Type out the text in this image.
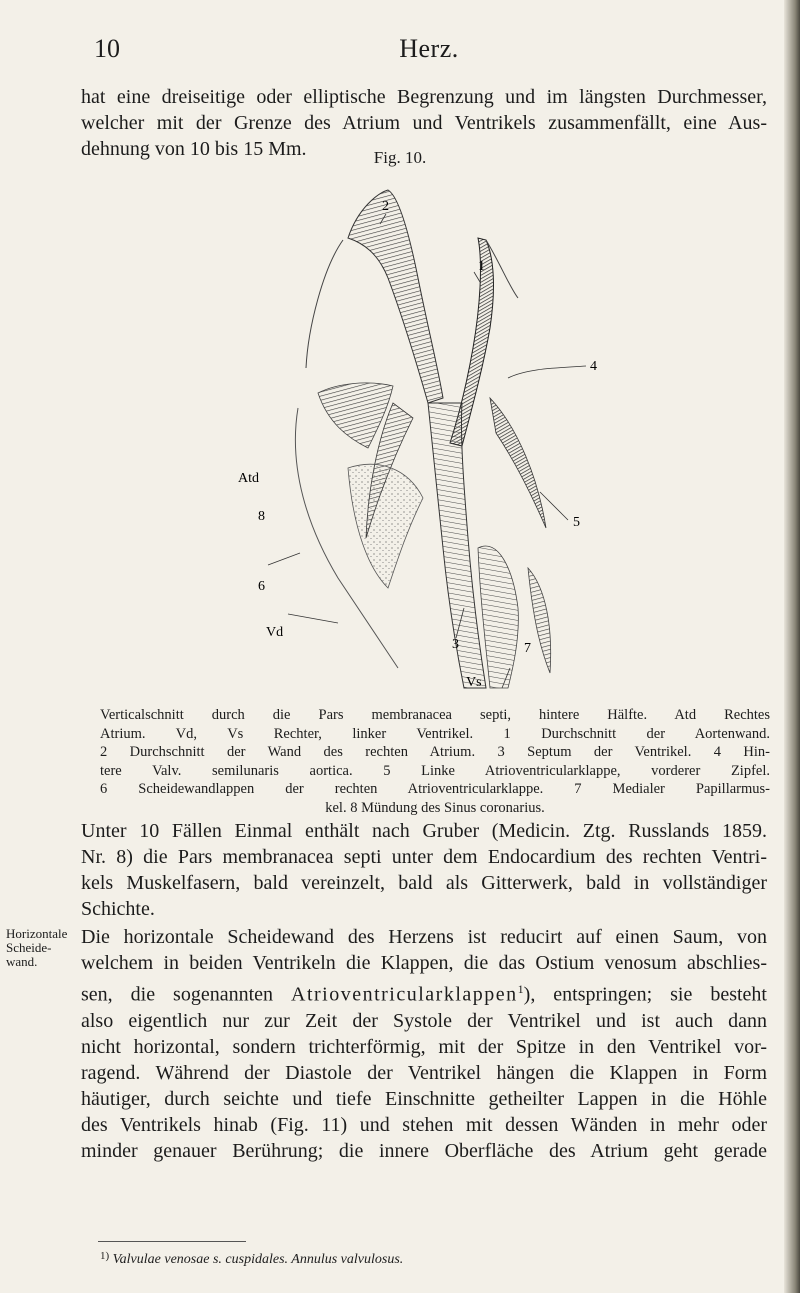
10	Herz.
hat eine dreiseitige oder elliptische Begrenzung und im längsten Durchmesser,
welcher mit der Grenze des Atrium und Ventrikels zusammenfällt, eine Aus-
dehnung von 10 bis 15 Mm.	Fig. 10.
2
1
3
4
5
6
7
8
Atd
Vd
Vs
Verticalschnitt durch die Pars membranacea septi, hintere Hälfte. Atd Rechtes
Atrium. Vd, Vs Rechter, linker Ventrikel. 1 Durchschnitt der Aortenwand.
2 Durchschnitt der Wand des rechten Atrium. 3 Septum der Ventrikel. 4 Hin-
tere Valv. semilunaris aortica. 5 Linke Atrioventricularklappe, vorderer Zipfel.
6 Scheidewandlappen der rechten Atrioventricularklappe. 7 Medialer Papillarmus-
kel. 8 Mündung des Sinus coronarius.
Unter 10 Fällen Einmal enthält nach Gruber (Medicin. Ztg. Russlands 1859.
Nr. 8) die Pars membranacea septi unter dem Endocardium des rechten Ventri-
kels Muskelfasern, bald vereinzelt, bald als Gitterwerk, bald in vollständiger
Schichte.
Horizontale
Scheide-
wand.
Die horizontale Scheidewand des Herzens ist reducirt auf einen Saum, von
welchem in beiden Ventrikeln die Klappen, die das Ostium venosum abschlies-
sen, die sogenannten Atrioventricularklappen$^1$), entspringen; sie besteht
also eigentlich nur zur Zeit der Systole der Ventrikel und ist auch dann
nicht horizontal, sondern trichterförmig, mit der Spitze in den Ventrikel vor-
ragend. Während der Diastole der Ventrikel hängen die Klappen in Form
häutiger, durch seichte und tiefe Einschnitte getheilter Lappen in die Höhle
des Ventrikels hinab (Fig. 11) und stehen mit dessen Wänden in mehr oder
minder genauer Berührung; die innere Oberfläche des Atrium geht gerade
$^{1)}$ Valvulae venosae s. cuspidales. Annulus valvulosus.
